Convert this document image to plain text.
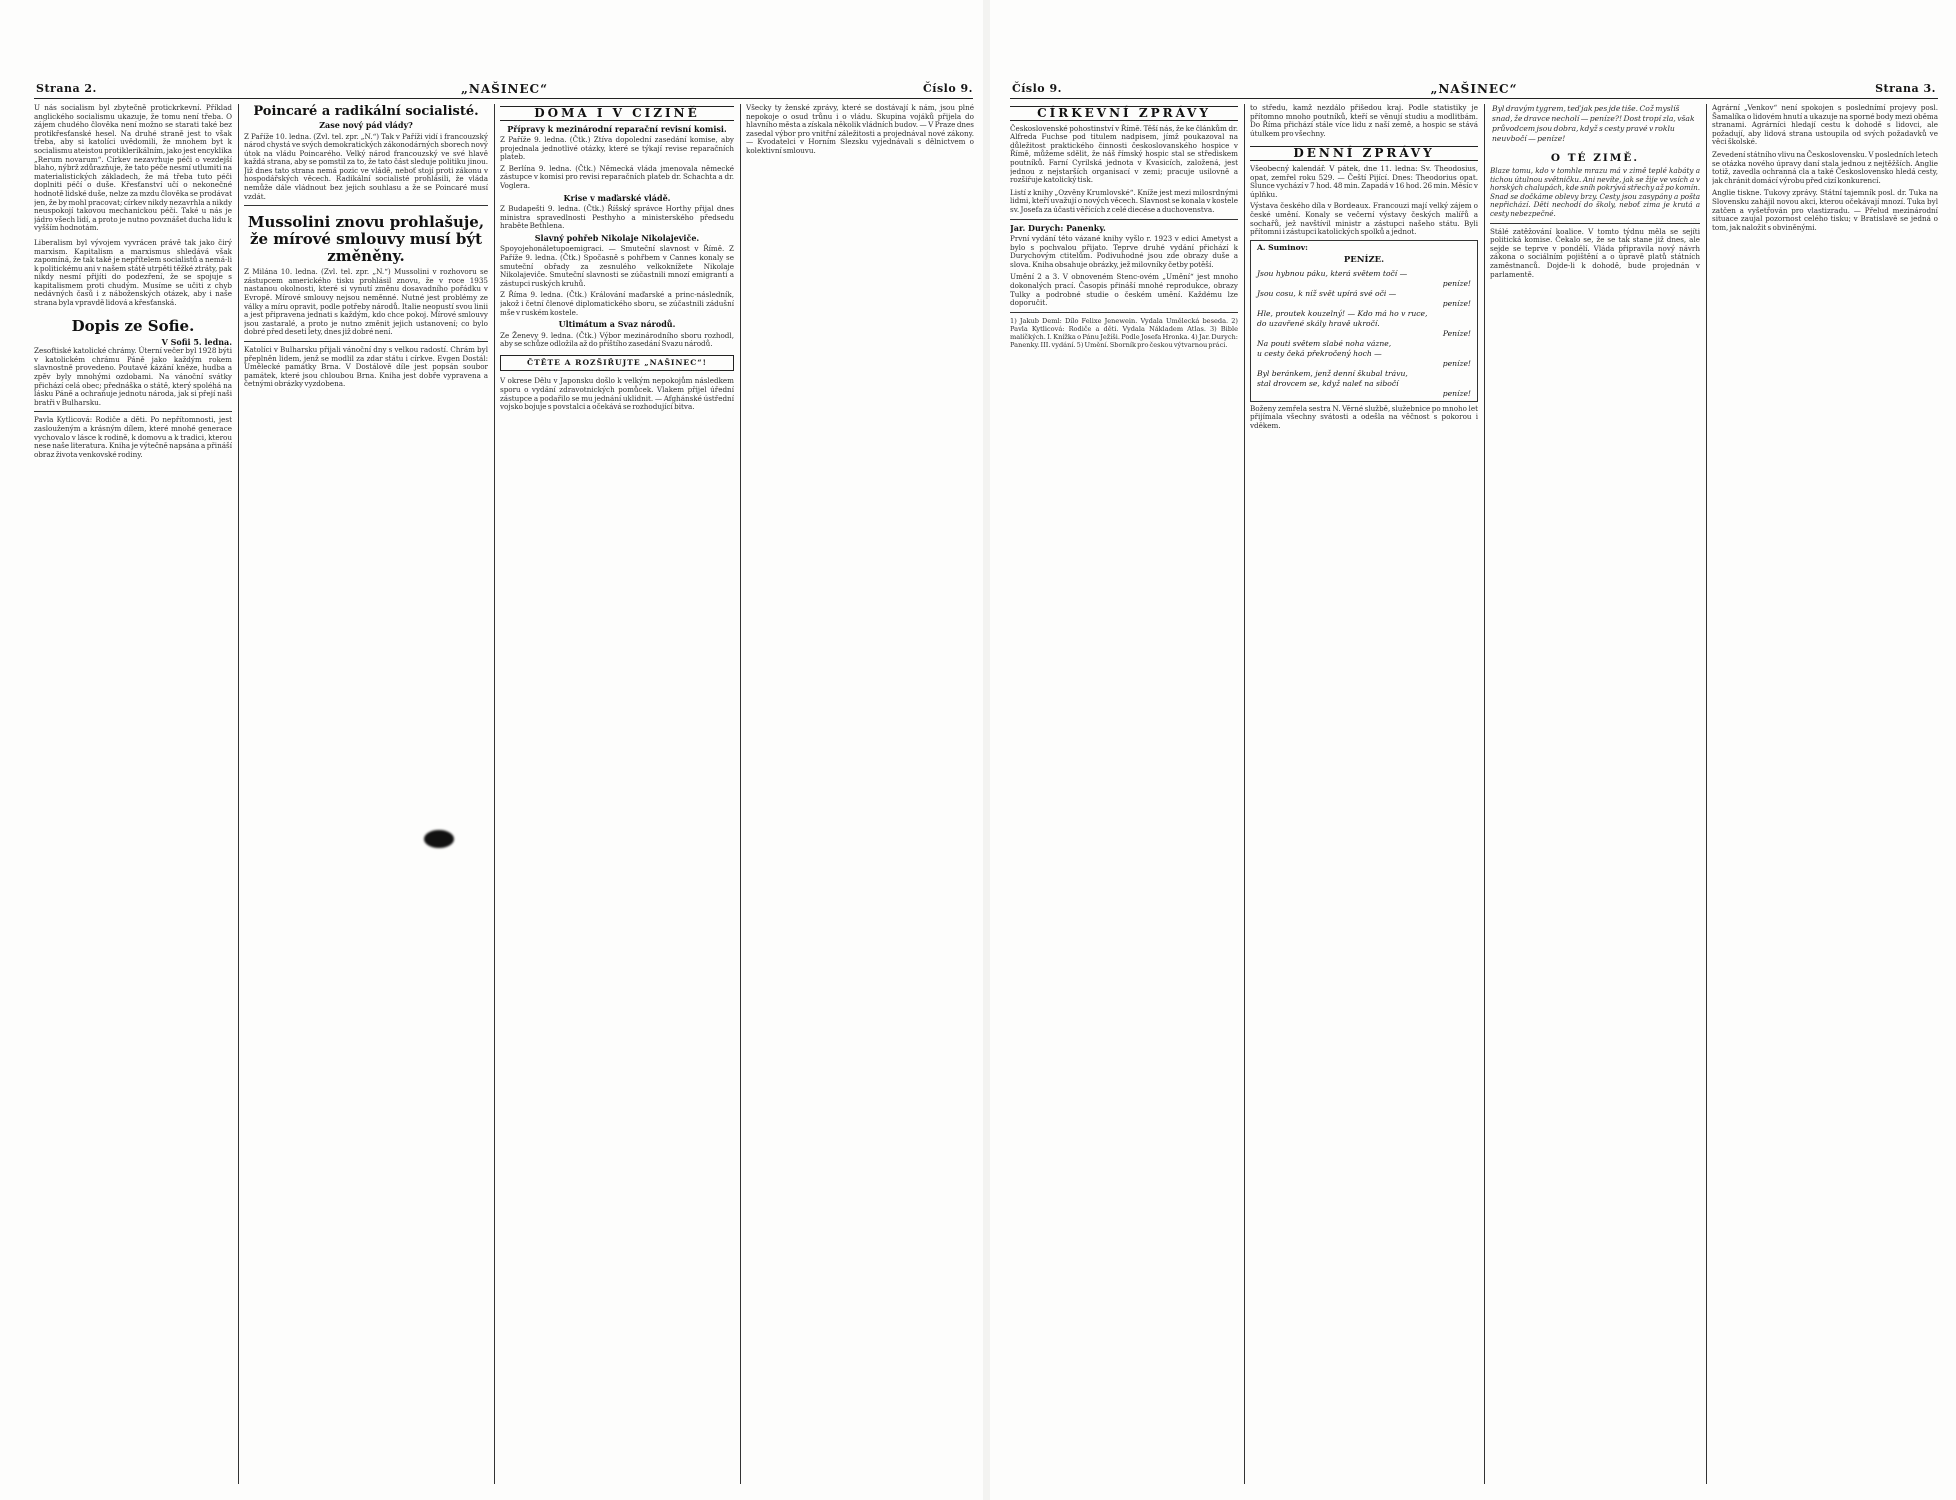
Strana 2.	„NAŠINEC“	Číslo 9.
U nás socialism byl zbytečně protickrkevní. Příklad anglického socialismu ukazuje, že tomu není třeba. O zájem chudého člověka není možno se starati také bez protikřesťanské hesel. Na druhé straně jest to však třeba, aby si katolíci uvědomili, že mnohem byt k socialismu ateistou protiklerikálním, jako jest encyklika „Rerum novarum“. Církev nezavrhuje péči o vezdejší blaho, nýbrž zdůrazňuje, že tato péče nesmí utlumiti na materialistických základech, že má třeba tuto péči doplniti péčí o duše. Křesťanství učí o nekonečné hodnotě lidské duše, nelze za mzdu člověka se prodávat jen, že by mohl pracovat; církev nikdy nezavrhla a nikdy neuspokojí takovou mechanickou péči. Také u nás je jádro všech lidí, a proto je nutno povznášet ducha lidu k vyšším hodnotám.
Liberalism byl vývojem vyvrácen právě tak jako čirý marxism. Kapitalism a marxismus shledává však zapomíná, že tak také je nepřítelem socialistů a nemá-li k politickému ani v našem státě utrpěti těžké ztráty, pak nikdy nesmí přijíti do podezření, že se spojuje s kapitalismem proti chudým. Musíme se učiti z chyb nedávných časů i z náboženských otázek, aby i naše strana byla vpravdě lidová a křesťanská.
Dopis ze Sofie.
V Sofii 5. ledna.
Zesoftiské katolické chrámy. Úterní večer byl 1928 býti v katolickém chrámu Páně jako každým rokem slavnostně provedeno. Poutavé kázání kněze, hudba a zpěv byly mnohými ozdobami. Na vánoční svátky přichází celá obec; přednáška o státě, který spoléhá na lásku Páně a ochraňuje jednotu národa, jak si přejí naši bratři v Bulharsku.
Pavla Kytlicová: Rodiče a děti. Po nepřítomnosti, jest zaslouženým a krásným dílem, které mnohé generace vychovalo v lásce k rodině, k domovu a k tradici, kterou nese naše literatura. Kniha je výtečně napsána a přináší obraz života venkovské rodiny.
Poincaré a radikální socialisté.
Zase nový pád vlády?
Z Paříže 10. ledna. (Zvl. tel. zpr. „N.“) Tak v Paříži vidí i francouzský národ chystá ve svých demokratických zákonodárných sborech nový útok na vládu Poincarého. Velký národ francouzský ve své hlavě každá strana, aby se pomstil za to, že tato část sleduje politiku jinou. Již dnes tato strana nemá pozic ve vládě, neboť stojí proti zákonu v hospodářských věcech. Radikální socialisté prohlásili, že vláda nemůže dále vládnout bez jejich souhlasu a že se Poincaré musí vzdát.
Mussolini znovu prohlašuje, že mírové smlouvy musí být změněny.
Z Milána 10. ledna. (Zvl. tel. zpr. „N.“) Mussolini v rozhovoru se zástupcem amerického tisku prohlásil znovu, že v roce 1935 nastanou okolnosti, které si vynutí změnu dosavadního pořádku v Evropě. Mírové smlouvy nejsou neměnné. Nutné jest problémy ze války a míru opravit, podle potřeby národů. Italie neopustí svou linii a jest připravena jednati s každým, kdo chce pokoj. Mírové smlouvy jsou zastaralé, a proto je nutno změnit jejich ustanovení; co bylo dobré před deseti lety, dnes již dobré není.
Katolíci v Bulharsku přijali vánoční dny s velkou radostí. Chrám byl přeplněn lidem, jenž se modlil za zdar státu i církve. Evgen Dostál: Umělecké památky Brna. V Dostálově díle jest popsán soubor památek, které jsou chloubou Brna. Kniha jest dobře vypravena a četnými obrázky vyzdobena.
DOMA I V CIZINĚ
Přípravy k mezinárodní reparační revisní komisi.
Z Paříže 9. ledna. (Čtk.) Ztíva dopolední zasedání komise, aby projednala jednotlivé otázky, které se týkají revise reparačních plateb.
Z Berlína 9. ledna. (Čtk.) Německá vláda jmenovala německé zástupce v komisi pro revisi reparačních plateb dr. Schachta a dr. Voglera.
Krise v maďarské vládě.
Z Budapešti 9. ledna. (Čtk.) Říšský správce Horthy přijal dnes ministra spravedlnosti Pesthyho a ministerského předsedu hraběte Bethlena.
Slavný pohřeb Nikolaje Nikolajeviče.
Spoyojehonáletupoemigraci. — Smuteční slavnost v Římě. Z Paříže 9. ledna. (Čtk.) Spočasně s pohřbem v Cannes konaly se smuteční obřady za zesnulého velkoknížete Nikolaje Nikolajeviče. Smuteční slavnosti se zúčastnili mnozí emigranti a zástupci ruských kruhů.
Z Říma 9. ledna. (Čtk.) Králování maďarské a princ-následník, jakož i četní členové diplomatického sboru, se zúčastnili zádušní mše v ruském kostele.
Ultimátum a Svaz národů.
Ze Ženevy 9. ledna. (Čtk.) Výbor mezinárodního sboru rozhodl, aby se schůze odložila až do příštího zasedání Svazu národů.
ČTĚTE A ROZŠIŘUJTE „NAŠINEC“!
V okrese Dělu v Japonsku došlo k velkým nepokojům následkem sporu o vydání zdravotnických pomůcek. Vlakem přijel úřední zástupce a podařilo se mu jednání uklidnit. — Afghánské ústřední vojsko bojuje s povstalci a očekává se rozhodující bitva.
Všecky ty ženské zprávy, které se dostávají k nám, jsou plné nepokoje o osud trůnu i o vládu. Skupina vojáků přijela do hlavního města a získala několik vládních budov. — V Praze dnes zasedal výbor pro vnitřní záležitosti a projednával nové zákony. — Kvodatelci v Horním Slezsku vyjednávali s dělnictvem o kolektivní smlouvu.
Číslo 9.	„NAŠINEC“	Strana 3.
CÍRKEVNÍ ZPRÁVY
Československé pohostinství v Římě. Těší nás, že ke článkům dr. Alfreda Fuchse pod titulem nadpisem, jímž poukazoval na důležitost praktického činnosti českoslovanského hospice v Římě, můžeme sdělit, že náš římský hospic stal se střediskem poutníků. Farní Cyrilská jednota v Kvasicích, založená, jest jednou z nejstarších organisací v zemi; pracuje usilovně a rozšiřuje katolický tisk.
Listí z knihy „Ozvěny Krumlovské“. Kníže jest mezi milosrdnými lidmi, kteří uvažují o nových věcech. Slavnost se konala v kostele sv. Josefa za účasti věřících z celé diecése a duchovenstva.
Jar. Durych: Panenky.
První vydání této vázané knihy vyšlo r. 1923 v edici Ametyst a bylo s pochvalou přijato. Teprve druhé vydání přichází k Durychovým ctitelům. Podivuhodné jsou zde obrazy duše a slova. Kniha obsahuje obrázky, jež milovníky četby potěší.
Umění 2 a 3. V obnoveném Stenc-ovém „Umění“ jest mnoho dokonalých prací. Časopis přináší mnohé reprodukce, obrazy Tulky a podrobné studie o českém umění. Každému lze doporučit.
1) Jakub Deml: Dílo Felixe Jenewein. Vydala Umělecká beseda. 2) Pavla Kytlicová: Rodiče a děti. Vydala Nákladem Atlas. 3) Bible malíčkých. I. Knížka o Pánu Ježíši. Podle Josefa Hronka. 4) Jar. Durych: Panenky. III. vydání. 5) Umění. Sborník pro českou výtvarnou práci.
to středu, kamž nezdálo přišedou kraj. Podle statistiky je přítomno mnoho poutníků, kteří se věnují studiu a modlitbám. Do Říma přichází stále více lidu z naší země, a hospic se stává útulkem pro všechny.
DENNÍ ZPRÁVY
Všeobecný kalendář. V pátek, dne 11. ledna: Sv. Theodosius, opat, zemřel roku 529. — Čeští Pijící. Dnes: Theodorius opat. Slunce vychází v 7 hod. 48 min. Zapadá v 16 hod. 26 min. Měsíc v úplňku.
Výstava českého díla v Bordeaux. Francouzi mají velký zájem o české umění. Konaly se večerní výstavy českých malířů a sochařů, jež navštívil ministr a zástupci našeho státu. Byli přítomni i zástupci katolických spolků a jednot.
A. Suminov:
PENÍZE.
Jsou hybnou páku, která světem točí —
peníze!
Jsou cosu, k níž svět upírá své oči —
peníze!
Hle, proutek kouzelný! — Kdo má ho v ruce,
do uzavřené skály hravě ukročí.
Peníze!
Na pouti světem slabé noha vázne,
u cesty čeká překročený hoch —
peníze!
Byl beránkem, jenž denní škubal trávu,
stal drovcem se, když naleť na sibočí
peníze!
Boženy zemřela sestra N. Věrné službě, služebnice po mnoho let přijímala všechny svátosti a odešla na věčnost s pokorou i vděkem.
Byl dravým tygrem, teď jak pes jde tiše. Což myslíš snad, že dravce necholí — peníze?! Dost tropí zla, však průvodcem jsou dobra, když s cesty pravé v roklu neuvbočí — peníze!
O TÉ ZIMĚ.
Blaze tomu, kdo v tomhle mrazu má v zimě teplé kabáty a tichou útulnou světničku. Ani nevíte, jak se žije ve vsích a v horských chalupách, kde sníh pokrývá střechy až po komín. Snad se dočkáme oblevy brzy. Cesty jsou zasypány a pošta nepřichází. Děti nechodí do školy, neboť zima je krutá a cesty nebezpečné.
Stálé zatěžování koalice. V tomto týdnu měla se sejíti politická komise. Čekalo se, že se tak stane již dnes, ale sejde se teprve v pondělí. Vláda připravila nový návrh zákona o sociálním pojištění a o úpravě platů státních zaměstnanců. Dojde-li k dohodě, bude projednán v parlamentě.
Agrární „Venkov“ není spokojen s poslednímí projevy posl. Šamalíka o lidovém hnutí a ukazuje na sporné body mezi oběma stranami. Agrárníci hledají cestu k dohodě s lidovci, ale požadují, aby lidová strana ustoupila od svých požadavků ve věci školské.
Zevedení státního vlivu na Československu. V posledních letech se otázka nového úpravy daní stala jednou z nejtěžších. Anglie totiž, zavedla ochranná cla a také Československo hledá cesty, jak chránit domácí výrobu před cizí konkurencí.
Anglie tiskne. Tukovy zprávy. Státní tajemník posl. dr. Tuka na Slovensku zahájil novou akci, kterou očekávají mnozí. Tuka byl zatčen a vyšetřován pro vlastizradu. — Přelud mezinárodní situace zaujal pozornost celého tisku; v Bratislavě se jedná o tom, jak naložit s obviněnými.
